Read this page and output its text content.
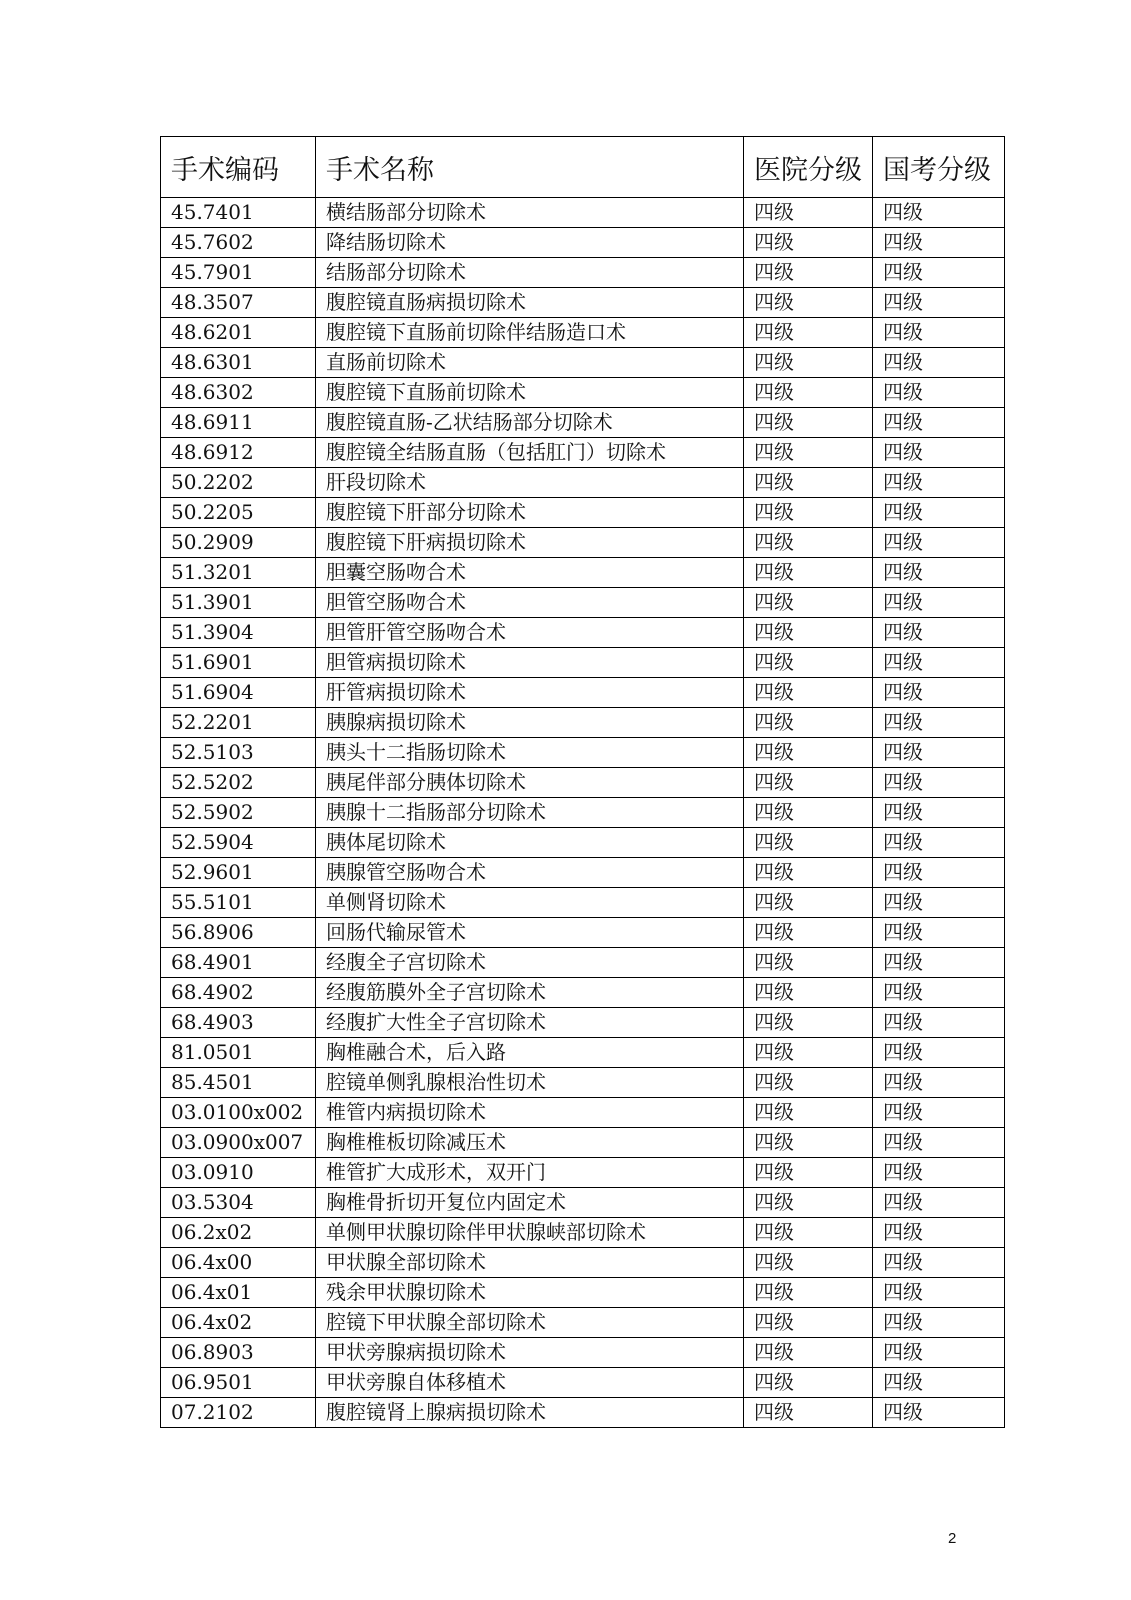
手术编码	手术名称	医院分级	国考分级
45.7401	横结肠部分切除术	四级	四级
45.7602	降结肠切除术	四级	四级
45.7901	结肠部分切除术	四级	四级
48.3507	腹腔镜直肠病损切除术	四级	四级
48.6201	腹腔镜下直肠前切除伴结肠造口术	四级	四级
48.6301	直肠前切除术	四级	四级
48.6302	腹腔镜下直肠前切除术	四级	四级
48.6911	腹腔镜直肠-乙状结肠部分切除术	四级	四级
48.6912	腹腔镜全结肠直肠（包括肛门）切除术	四级	四级
50.2202	肝段切除术	四级	四级
50.2205	腹腔镜下肝部分切除术	四级	四级
50.2909	腹腔镜下肝病损切除术	四级	四级
51.3201	胆囊空肠吻合术	四级	四级
51.3901	胆管空肠吻合术	四级	四级
51.3904	胆管肝管空肠吻合术	四级	四级
51.6901	胆管病损切除术	四级	四级
51.6904	肝管病损切除术	四级	四级
52.2201	胰腺病损切除术	四级	四级
52.5103	胰头十二指肠切除术	四级	四级
52.5202	胰尾伴部分胰体切除术	四级	四级
52.5902	胰腺十二指肠部分切除术	四级	四级
52.5904	胰体尾切除术	四级	四级
52.9601	胰腺管空肠吻合术	四级	四级
55.5101	单侧肾切除术	四级	四级
56.8906	回肠代输尿管术	四级	四级
68.4901	经腹全子宫切除术	四级	四级
68.4902	经腹筋膜外全子宫切除术	四级	四级
68.4903	经腹扩大性全子宫切除术	四级	四级
81.0501	胸椎融合术，后入路	四级	四级
85.4501	腔镜单侧乳腺根治性切术	四级	四级
03.0100x002	椎管内病损切除术	四级	四级
03.0900x007	胸椎椎板切除减压术	四级	四级
03.0910	椎管扩大成形术，双开门	四级	四级
03.5304	胸椎骨折切开复位内固定术	四级	四级
06.2x02	单侧甲状腺切除伴甲状腺峡部切除术	四级	四级
06.4x00	甲状腺全部切除术	四级	四级
06.4x01	残余甲状腺切除术	四级	四级
06.4x02	腔镜下甲状腺全部切除术	四级	四级
06.8903	甲状旁腺病损切除术	四级	四级
06.9501	甲状旁腺自体移植术	四级	四级
07.2102	腹腔镜肾上腺病损切除术	四级	四级
2
